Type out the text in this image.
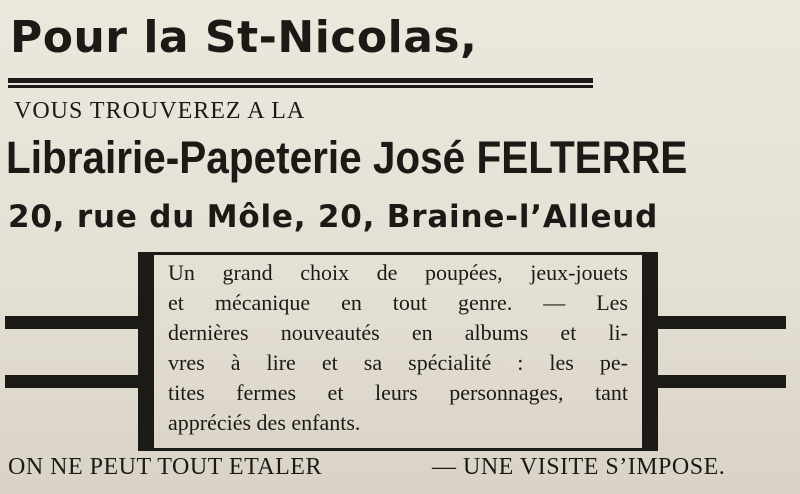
Pour la St-Nicolas,
VOUS TROUVEREZ A LA
Librairie-Papeterie José FELTERRE
20, rue du Môle, 20, Braine-l’Alleud
Un grand choix de poupées, jeux-jouets
et mécanique en tout genre. — Les
dernières nouveautés en albums et li-
vres à lire et sa spécialité : les pe-
tites fermes et leurs personnages, tant
appréciés des enfants.
ON NE PEUT TOUT ETALER	— UNE VISITE S’IMPOSE.
